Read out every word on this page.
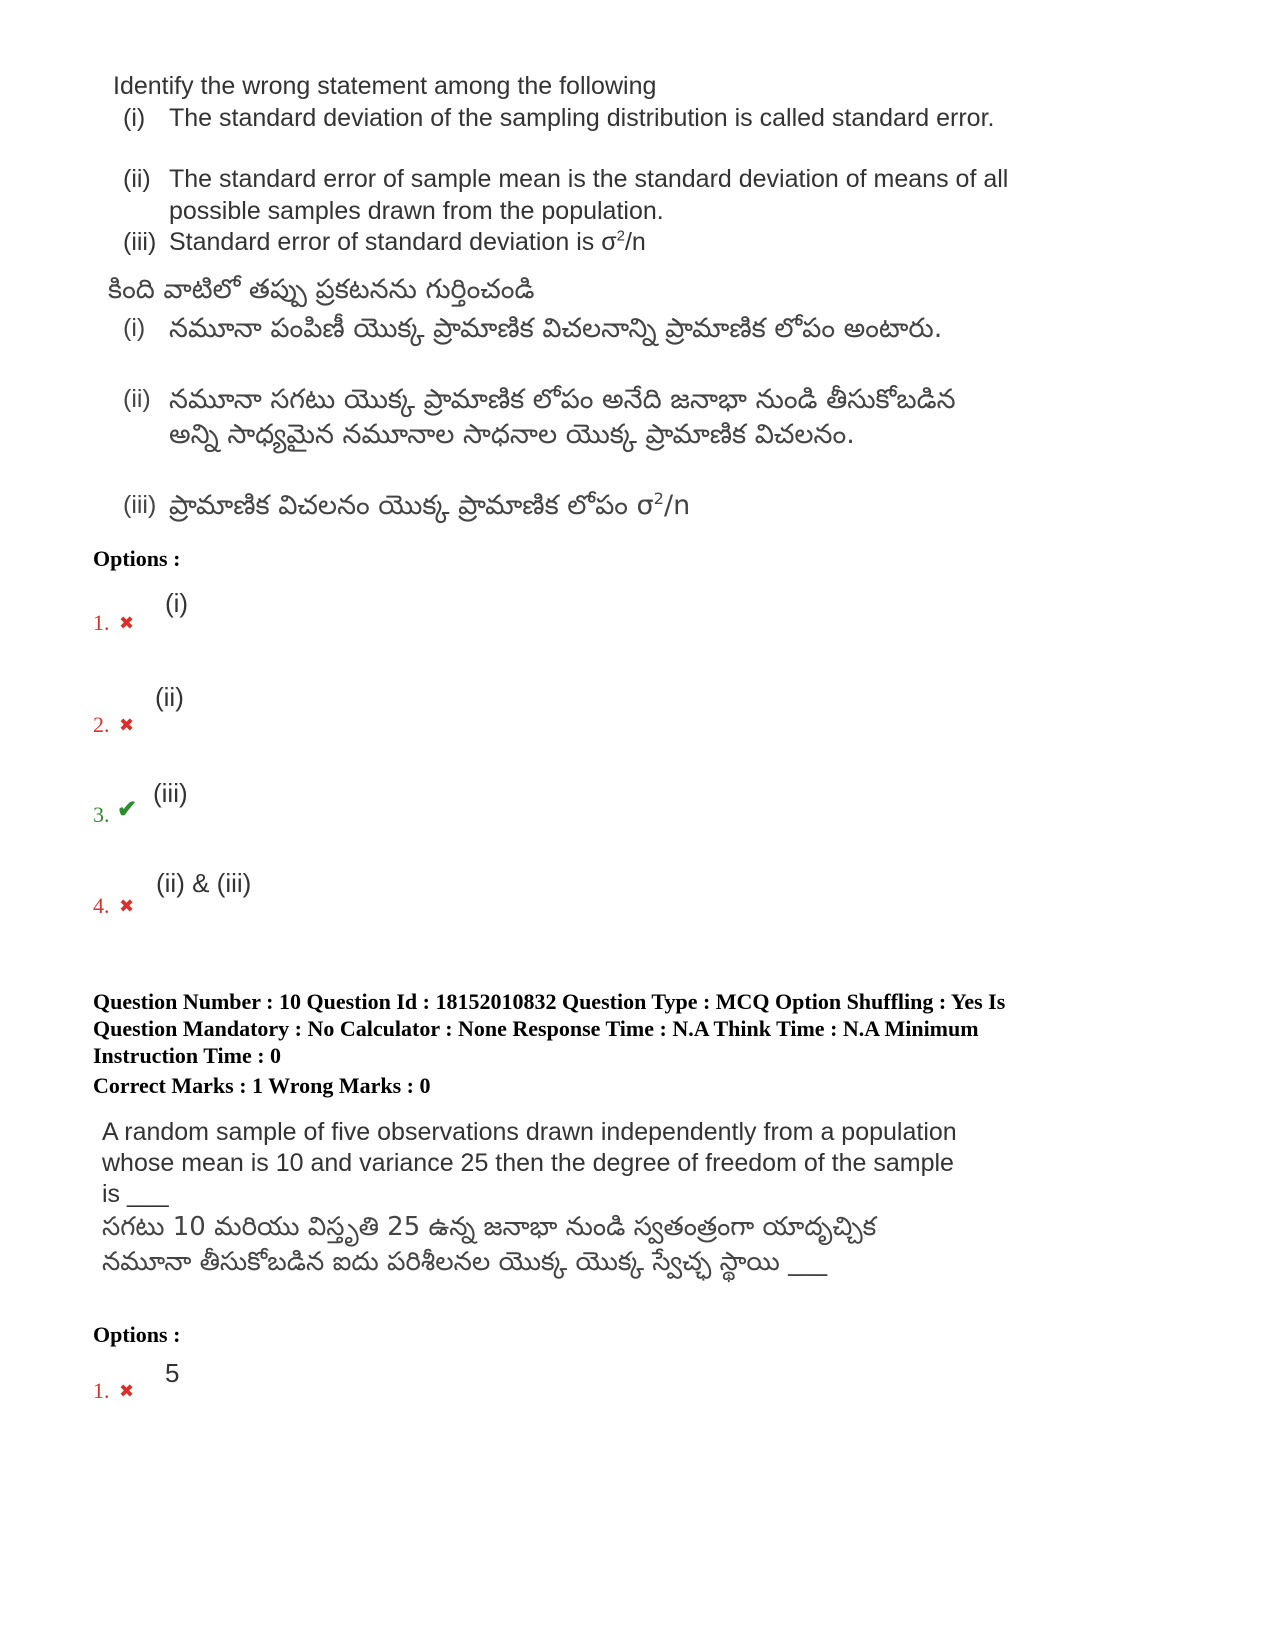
Identify the wrong statement among the following
(i) The standard deviation of the sampling distribution is called standard error.
(ii) The standard error of sample mean is the standard deviation of means of all possible samples drawn from the population.
(iii) Standard error of standard deviation is $\sigma^2/n$
కింది వాటిలో తప్పు ప్రకటనను గుర్తించండి
(i) నమూనా పంపిణీ యొక్క ప్రామాణిక విచలనాన్ని ప్రామాణిక లోపం అంటారు.
(ii) నమూనా సగటు యొక్క ప్రామాణిక లోపం అనేది జనాభా నుండి తీసుకోబడిన అన్ని సాధ్యమైన నమూనాల సాధనాల యొక్క ప్రామాణిక విచలనం.
(iii) ప్రామాణిక విచలనం యొక్క ప్రామాణిక లోపం $\sigma^2/n$
Options :
1. ✖
(i)
2. ✖
(ii)
3. ✔
(iii)
4. ✖
(ii) & (iii)
Question Number : 10 Question Id : 18152010832 Question Type : MCQ Option Shuffling : Yes Is
Question Mandatory : No Calculator : None Response Time : N.A Think Time : N.A Minimum
Instruction Time : 0
Correct Marks : 1 Wrong Marks : 0
A random sample of five observations drawn independently from a population
whose mean is 10 and variance 25 then the degree of freedom of the sample
is ___
సగటు 10 మరియు విస్తృతి 25 ఉన్న జనాభా నుండి స్వతంత్రంగా యాదృచ్చిక
నమూనా తీసుకోబడిన ఐదు పరిశీలనల యొక్క యొక్క స్వేచ్ఛ స్థాయి ___
Options :
1. ✖
5
